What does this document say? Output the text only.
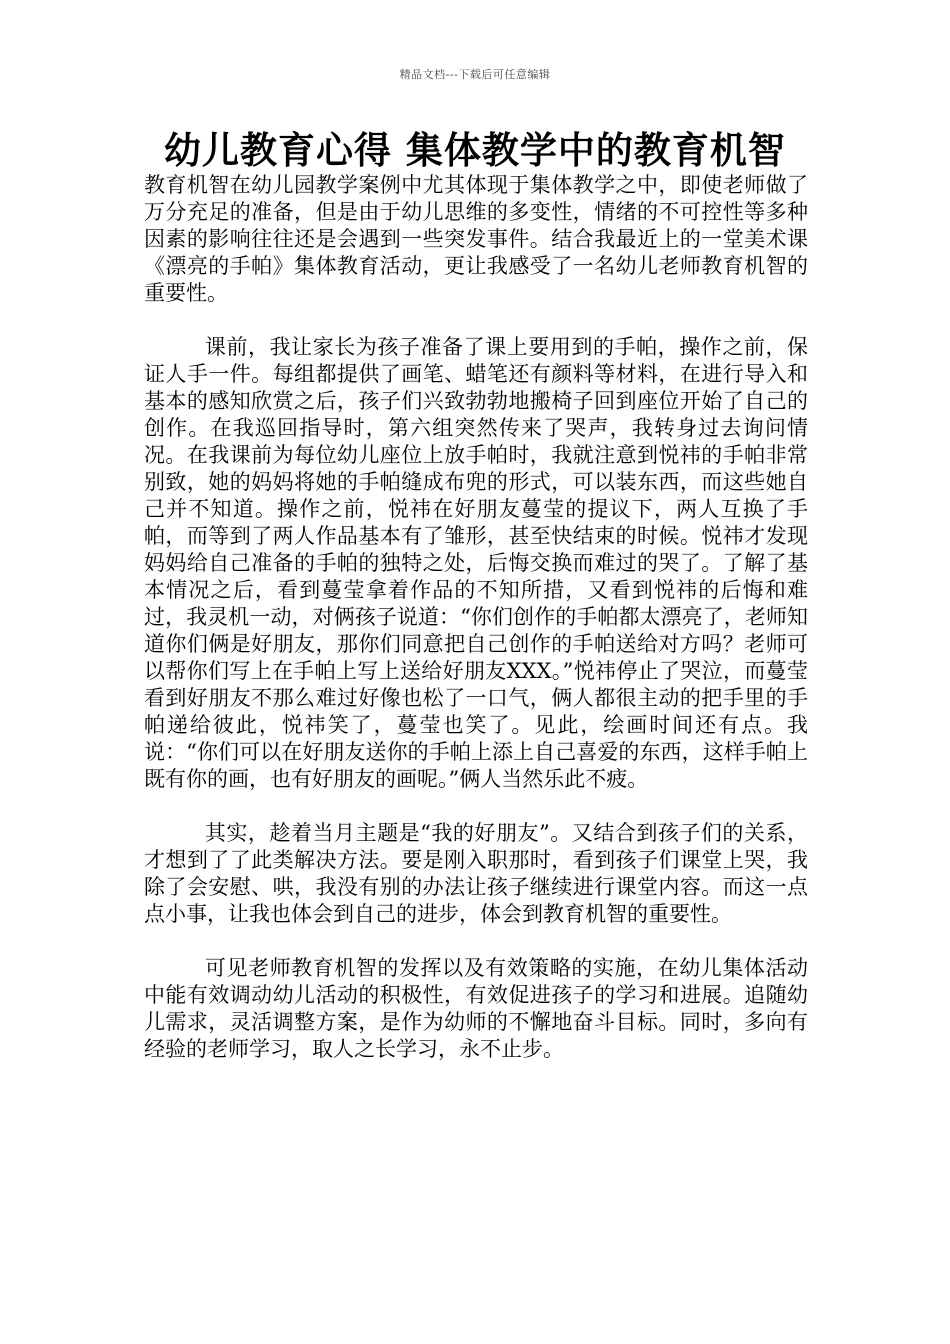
精品文档---下载后可任意编辑
幼儿教育心得 集体教学中的教育机智

教育机智在幼儿园教学案例中尤其体现于集体教学之中，即使老师做了万分充足的准备，但是由于幼儿思维的多变性，情绪的不可控性等多种因素的影响往往还是会遇到一些突发事件。结合我最近上的一堂美术课《漂亮的手帕》集体教育活动，更让我感受了一名幼儿老师教育机智的重要性。

课前，我让家长为孩子准备了课上要用到的手帕，操作之前，保证人手一件。每组都提供了画笔、蜡笔还有颜料等材料，在进行导入和基本的感知欣赏之后，孩子们兴致勃勃地搬椅子回到座位开始了自己的创作。在我巡回指导时，第六组突然传来了哭声，我转身过去询问情况。在我课前为每位幼儿座位上放手帕时，我就注意到悦祎的手帕非常别致，她的妈妈将她的手帕缝成布兜的形式，可以装东西，而这些她自己并不知道。操作之前，悦祎在好朋友蔓莹的提议下，两人互换了手帕，而等到了两人作品基本有了雏形，甚至快结束的时候。悦祎才发现妈妈给自己准备的手帕的独特之处，后悔交换而难过的哭了。了解了基本情况之后，看到蔓莹拿着作品的不知所措，又看到悦祎的后悔和难过，我灵机一动，对俩孩子说道：“你们创作的手帕都太漂亮了，老师知道你们俩是好朋友，那你们同意把自己创作的手帕送给对方吗？老师可以帮你们写上在手帕上写上送给好朋友XXX。”悦祎停止了哭泣，而蔓莹看到好朋友不那么难过好像也松了一口气，俩人都很主动的把手里的手帕递给彼此，悦祎笑了，蔓莹也笑了。见此，绘画时间还有点。我说：“你们可以在好朋友送你的手帕上添上自己喜爱的东西，这样手帕上既有你的画，也有好朋友的画呢。”俩人当然乐此不疲。

其实，趁着当月主题是“我的好朋友”。又结合到孩子们的关系，才想到了了此类解决方法。要是刚入职那时，看到孩子们课堂上哭，我除了会安慰、哄，我没有别的办法让孩子继续进行课堂内容。而这一点点小事，让我也体会到自己的进步，体会到教育机智的重要性。

可见老师教育机智的发挥以及有效策略的实施，在幼儿集体活动中能有效调动幼儿活动的积极性，有效促进孩子的学习和进展。追随幼儿需求，灵活调整方案，是作为幼师的不懈地奋斗目标。同时，多向有经验的老师学习，取人之长学习，永不止步。
